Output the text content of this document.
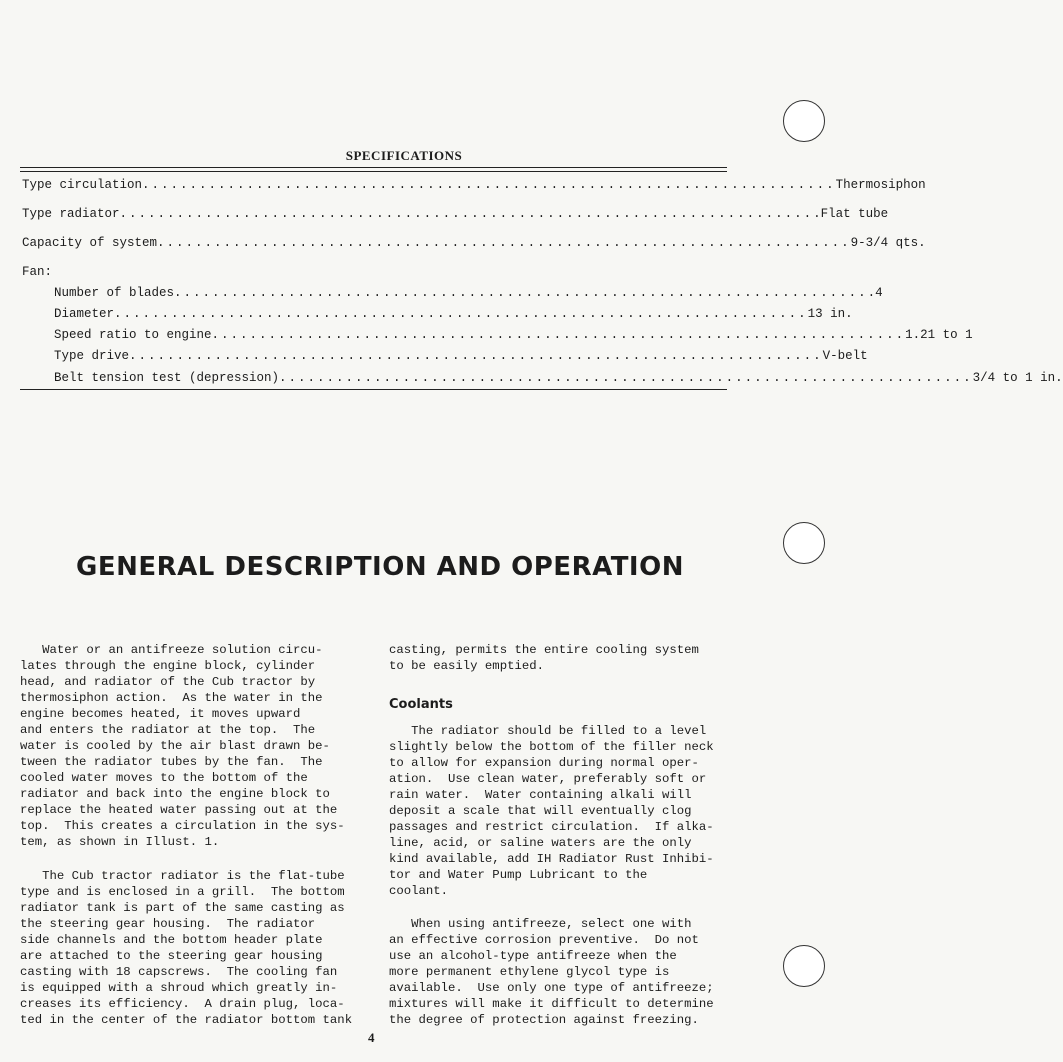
SPECIFICATIONS
Type circulation ......................................................................... Thermosiphon
Type radiator ......................................................................... .Flat tube
Capacity of system ......................................................................... 9-3/4 qts.
Fan:
Number of blades ......................................................................... .4
Diameter ......................................................................... 13 in.
Speed ratio to engine ......................................................................... 1.21 to 1
Type drive ......................................................................... V-belt
Belt tension test (depression) ......................................................................... 3/4 to 1 in.
GENERAL DESCRIPTION AND OPERATION
Water or an antifreeze solution circu-
lates through the engine block, cylinder
head, and radiator of the Cub tractor by
thermosiphon action.  As the water in the
engine becomes heated, it moves upward
and enters the radiator at the top.  The
water is cooled by the air blast drawn be-
tween the radiator tubes by the fan.  The
cooled water moves to the bottom of the
radiator and back into the engine block to
replace the heated water passing out at the
top.  This creates a circulation in the sys-
tem, as shown in Illust. 1.
The Cub tractor radiator is the flat-tube
type and is enclosed in a grill.  The bottom
radiator tank is part of the same casting as
the steering gear housing.  The radiator
side channels and the bottom header plate
are attached to the steering gear housing
casting with 18 capscrews.  The cooling fan
is equipped with a shroud which greatly in-
creases its efficiency.  A drain plug, loca-
ted in the center of the radiator bottom tank
casting, permits the entire cooling system
to be easily emptied.
Coolants
The radiator should be filled to a level
slightly below the bottom of the filler neck
to allow for expansion during normal oper-
ation.  Use clean water, preferably soft or
rain water.  Water containing alkali will
deposit a scale that will eventually clog
passages and restrict circulation.  If alka-
line, acid, or saline waters are the only
kind available, add IH Radiator Rust Inhibi-
tor and Water Pump Lubricant to the
coolant.
When using antifreeze, select one with
an effective corrosion preventive.  Do not
use an alcohol-type antifreeze when the
more permanent ethylene glycol type is
available.  Use only one type of antifreeze;
mixtures will make it difficult to determine
the degree of protection against freezing.
4
